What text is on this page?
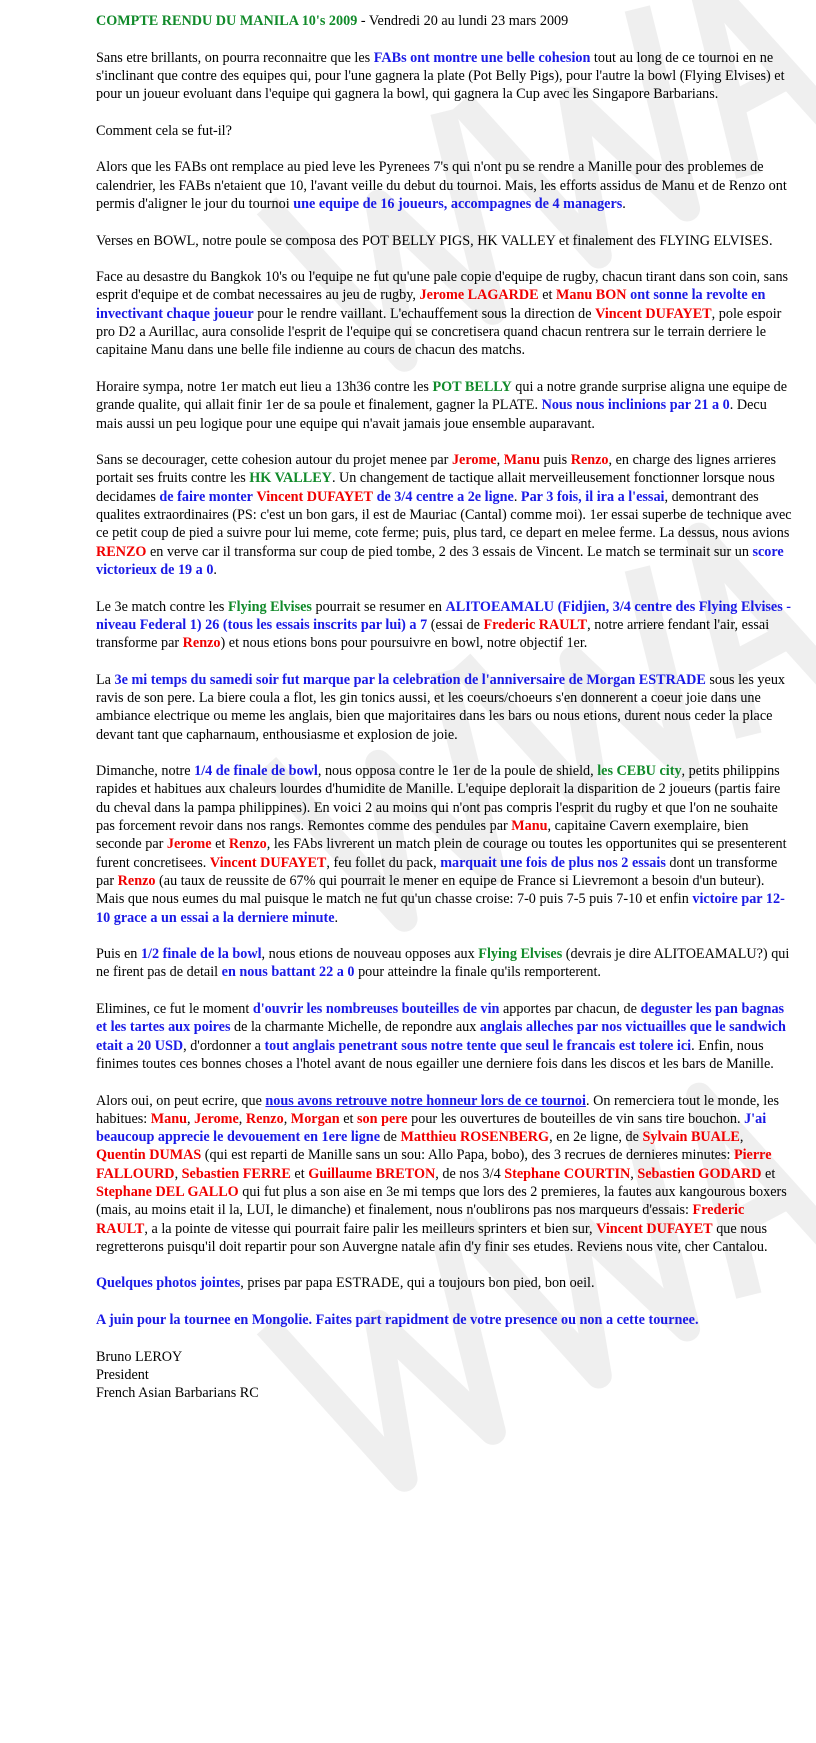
COMPTE RENDU DU MANILA 10's 2009 - Vendredi 20 au lundi 23 mars 2009

Sans etre brillants, on pourra reconnaitre que les FABs ont montre une belle cohesion tout au long de ce tournoi en ne s'inclinant que contre des equipes qui, pour l'une gagnera la plate (Pot Belly Pigs), pour l'autre la bowl (Flying Elvises) et pour un joueur evoluant dans l'equipe qui gagnera la bowl, qui gagnera la Cup avec les Singapore Barbarians.

Comment cela se fut-il?

Alors que les FABs ont remplace au pied leve les Pyrenees 7's qui n'ont pu se rendre a Manille pour des problemes de calendrier, les FABs n'etaient que 10, l'avant veille du debut du tournoi. Mais, les efforts assidus de Manu et de Renzo ont permis d'aligner le jour du tournoi une equipe de 16 joueurs, accompagnes de 4 managers.

Verses en BOWL, notre poule se composa des POT BELLY PIGS, HK VALLEY et finalement des FLYING ELVISES.

Face au desastre du Bangkok 10's ou l'equipe ne fut qu'une pale copie d'equipe de rugby, chacun tirant dans son coin, sans esprit d'equipe et de combat necessaires au jeu de rugby, Jerome LAGARDE et Manu BON ont sonne la revolte en invectivant chaque joueur pour le rendre vaillant. L'echauffement sous la direction de Vincent DUFAYET, pole espoir pro D2 a Aurillac, aura consolide l'esprit de l'equipe qui se concretisera quand chacun rentrera sur le terrain derriere le capitaine Manu dans une belle file indienne au cours de chacun des matchs.

Horaire sympa, notre 1er match eut lieu a 13h36 contre les POT BELLY qui a notre grande surprise aligna une equipe de grande qualite, qui allait finir 1er de sa poule et finalement, gagner la PLATE. Nous nous inclinions par 21 a 0. Decu mais aussi un peu logique pour une equipe qui n'avait jamais joue ensemble auparavant.

Sans se decourager, cette cohesion autour du projet menee par Jerome, Manu puis Renzo, en charge des lignes arrieres portait ses fruits contre les HK VALLEY. Un changement de tactique allait merveilleusement fonctionner lorsque nous decidames de faire monter Vincent DUFAYET de 3/4 centre a 2e ligne. Par 3 fois, il ira a l'essai, demontrant des qualites extraordinaires (PS: c'est un bon gars, il est de Mauriac (Cantal) comme moi). 1er essai superbe de technique avec ce petit coup de pied a suivre pour lui meme, cote ferme; puis, plus tard, ce depart en melee ferme. La dessus, nous avions RENZO en verve car il transforma sur coup de pied tombe, 2 des 3 essais de Vincent. Le match se terminait sur un score victorieux de 19 a 0.

Le 3e match contre les Flying Elvises pourrait se resumer en ALITOEAMALU (Fidjien, 3/4 centre des Flying Elvises - niveau Federal 1) 26 (tous les essais inscrits par lui) a 7 (essai de Frederic RAULT, notre arriere fendant l'air, essai transforme par Renzo) et nous etions bons pour poursuivre en bowl, notre objectif 1er.

La 3e mi temps du samedi soir fut marque par la celebration de l'anniversaire de Morgan ESTRADE sous les yeux ravis de son pere. La biere coula a flot, les gin tonics aussi, et les coeurs/choeurs s'en donnerent a coeur joie dans une ambiance electrique ou meme les anglais, bien que majoritaires dans les bars ou nous etions, durent nous ceder la place devant tant que capharnaum, enthousiasme et explosion de joie.

Dimanche, notre 1/4 de finale de bowl, nous opposa contre le 1er de la poule de shield, les CEBU city, petits philippins rapides et habitues aux chaleurs lourdes d'humidite de Manille. L'equipe deplorait la disparition de 2 joueurs (partis faire du cheval dans la pampa philippines). En voici 2 au moins qui n'ont pas compris l'esprit du rugby et que l'on ne souhaite pas forcement revoir dans nos rangs. Remontes comme des pendules par Manu, capitaine Cavern exemplaire, bien seconde par Jerome et Renzo, les FAbs livrerent un match plein de courage ou toutes les opportunites qui se presenterent furent concretisees. Vincent DUFAYET, feu follet du pack, marquait une fois de plus nos 2 essais dont un transforme par Renzo (au taux de reussite de 67% qui pourrait le mener en equipe de France si Lievremont a besoin d'un buteur). Mais que nous eumes du mal puisque le match ne fut qu'un chasse croise: 7-0 puis 7-5 puis 7-10 et enfin victoire par 12-10 grace a un essai a la derniere minute.

Puis en 1/2 finale de la bowl, nous etions de nouveau opposes aux Flying Elvises (devrais je dire ALITOEAMALU?) qui ne firent pas de detail en nous battant 22 a 0 pour atteindre la finale qu'ils remporterent.

Elimines, ce fut le moment d'ouvrir les nombreuses bouteilles de vin apportes par chacun, de deguster les pan bagnas et les tartes aux poires de la charmante Michelle, de repondre aux anglais alleches par nos victuailles que le sandwich etait a 20 USD, d'ordonner a tout anglais penetrant sous notre tente que seul le francais est tolere ici. Enfin, nous finimes toutes ces bonnes choses a l'hotel avant de nous egailler une derniere fois dans les discos et les bars de Manille.

Alors oui, on peut ecrire, que nous avons retrouve notre honneur lors de ce tournoi. On remerciera tout le monde, les habitues: Manu, Jerome, Renzo, Morgan et son pere pour les ouvertures de bouteilles de vin sans tire bouchon. J'ai beaucoup apprecie le devouement en 1ere ligne de Matthieu ROSENBERG, en 2e ligne, de Sylvain BUALE, Quentin DUMAS (qui est reparti de Manille sans un sou: Allo Papa, bobo), des 3 recrues de dernieres minutes: Pierre FALLOURD, Sebastien FERRE et Guillaume BRETON, de nos 3/4 Stephane COURTIN, Sebastien GODARD et Stephane DEL GALLO qui fut plus a son aise en 3e mi temps que lors des 2 premieres, la fautes aux kangourous boxers (mais, au moins etait il la, LUI, le dimanche) et finalement, nous n'oublirons pas nos marqueurs d'essais: Frederic RAULT, a la pointe de vitesse qui pourrait faire palir les meilleurs sprinters et bien sur, Vincent DUFAYET que nous regretterons puisqu'il doit repartir pour son Auvergne natale afin d'y finir ses etudes. Reviens nous vite, cher Cantalou.

Quelques photos jointes, prises par papa ESTRADE, qui a toujours bon pied, bon oeil.

A juin pour la tournee en Mongolie. Faites part rapidment de votre presence ou non a cette tournee.

Bruno LEROY
President
French Asian Barbarians RC
